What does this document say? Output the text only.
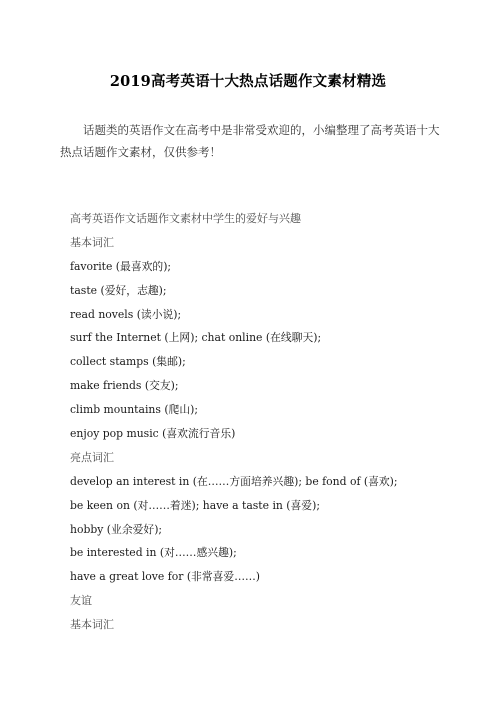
2019高考英语十大热点话题作文素材精选
话题类的英语作文在高考中是非常受欢迎的，小编整理了高考英语十大热点话题作文素材，仅供参考！
高考英语作文话题作文素材中学生的爱好与兴趣
基本词汇
favorite (最喜欢的);
taste (爱好，志趣);
read novels (读小说);
surf the Internet (上网); chat online (在线聊天);
collect stamps (集邮);
make friends (交友);
climb mountains (爬山);
enjoy pop music (喜欢流行音乐)
亮点词汇
develop an interest in (在……方面培养兴趣); be fond of (喜欢);
be keen on (对……着迷); have a taste in (喜爱);
hobby (业余爱好);
be interested in (对……感兴趣);
have a great love for (非常喜爱……)
友谊
基本词汇
